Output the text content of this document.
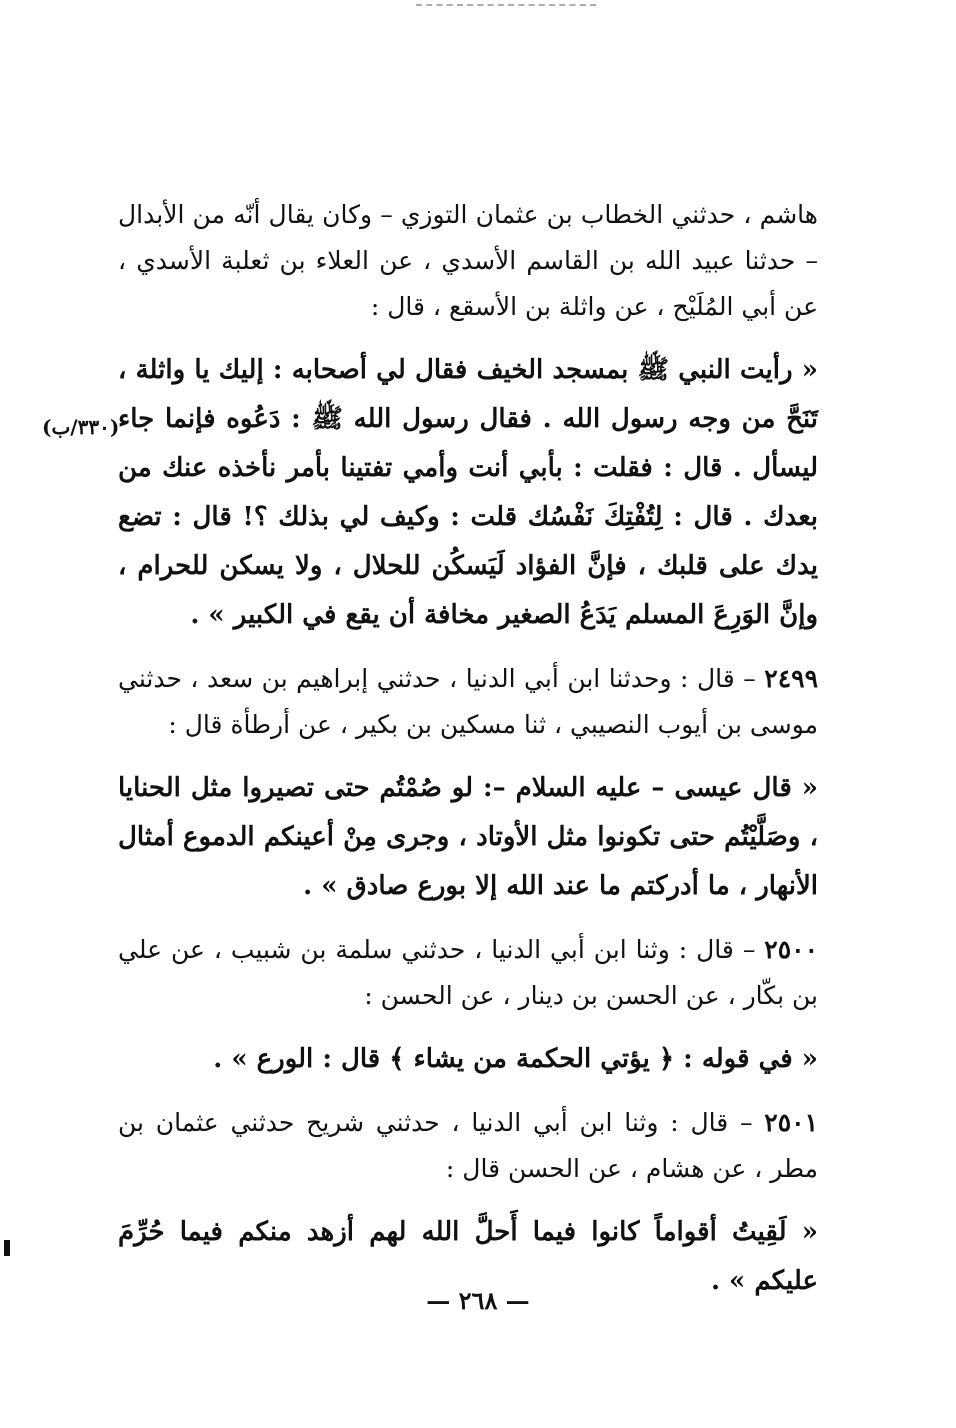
هاشم ، حدثني الخطاب بن عثمان التوزي – وكان يقال أنّه من الأبدال – حدثنا عبيد الله بن القاسم الأسدي ، عن العلاء بن ثعلبة الأسدي ، عن أبي المُلَيْح ، عن واثلة بن الأسقع ، قال :

« رأيت النبي ﷺ بمسجد الخيف فقال لي أصحابه : إليك يا واثلة ، تَنَحَّ من وجه رسول الله . فقال رسول الله ﷺ : دَعُوه فإنما جاء ليسأل . قال : فقلت : بأبي أنت وأمي تفتينا بأمر نأخذه عنك من بعدك . قال : لِتُفْتِكَ نَفْسُك قلت : وكيف لي بذلك ؟! قال : تضع يدك على قلبك ، فإنَّ الفؤاد لَيَسكُن للحلال ، ولا يسكن للحرام ، وإنَّ الوَرِعَ المسلم يَدَعُ الصغير مخافة أن يقع في الكبير » .

٢٤٩٩ – قال : وحدثنا ابن أبي الدنيا ، حدثني إبراهيم بن سعد ، حدثني موسى بن أيوب النصيبي ، ثنا مسكين بن بكير ، عن أرطأة قال :

« قال عيسى – عليه السلام –: لو صُمْتُم حتى تصيروا مثل الحنايا ، وصَلَّيْتُم حتى تكونوا مثل الأوتاد ، وجرى مِنْ أعينكم الدموع أمثال الأنهار ، ما أدركتم ما عند الله إلا بورع صادق » .

٢٥٠٠ – قال : وثنا ابن أبي الدنيا ، حدثني سلمة بن شبيب ، عن علي بن بكّار ، عن الحسن بن دينار ، عن الحسن :

« في قوله : ﴿ يؤتي الحكمة من يشاء ﴾ قال : الورع » .

٢٥٠١ – قال : وثنا ابن أبي الدنيا ، حدثني شريح حدثني عثمان بن مطر ، عن هشام ، عن الحسن قال :

« لَقِيتُ أقواماً كانوا فيما أَحلَّ الله لهم أزهد منكم فيما حُرِّمَ عليكم » .

(٣٣٠/ب)
— ٢٦٨ —
